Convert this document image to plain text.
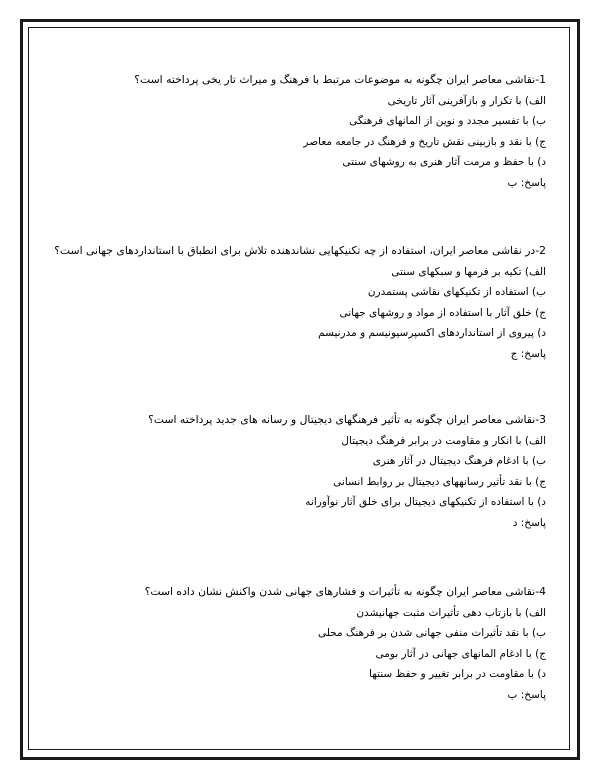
1-نقاشی معاصر ایران چگونه به موضوعات مرتبط با فرهنگ و میراث تار یخی پرداخته است؟
الف) با تکرار و بازآفرینی آثار تاریخی
ب) با تفسیر مجدد و نوین از المانهای فرهنگی
ج) با نقد و بازبینی نقش تاریخ و فرهنگ در جامعه معاصر
د) با حفظ و مرمت آثار هنری به روشهای سنتی
پاسخ: ب
2-در نقاشی معاصر ایران، استفاده از چه تکنیکهایی نشاندهنده تلاش برای انطباق با استانداردهای جهانی است؟
الف) تکیه بر فرمها و سبکهای سنتی
ب) استفاده از تکنیکهای نقاشی پستمدرن
ج) خلق آثار با استفاده از مواد و روشهای جهانی
د) پیروی از استانداردهای اکسپرسیونیسم و مدرنیسم
پاسخ: ج
3-نقاشی معاصر ایران چگونه به تأثیر فرهنگهای دیجیتال و رسانه های جدید پرداخته است؟
الف) با انکار و مقاومت در برابر فرهنگ دیجیتال
ب) با ادغام فرهنگ دیجیتال در آثار هنری
ج) با نقد تأثیر رسانههای دیجیتال بر روابط انسانی
د) با استفاده از تکنیکهای دیجیتال برای خلق آثار نوآورانه
پاسخ: د
4-نقاشی معاصر ایران چگونه به تأثیرات و فشارهای جهانی شدن واکنش نشان داده است؟
الف) با بازتاب دهی تأثیرات مثبت جهانیشدن
ب) با نقد تأثیرات منفی جهانی شدن بر فرهنگ محلی
ج) با ادغام المانهای جهانی در آثار بومی
د) با مقاومت در برابر تغییر و حفظ سنتها
پاسخ: ب
